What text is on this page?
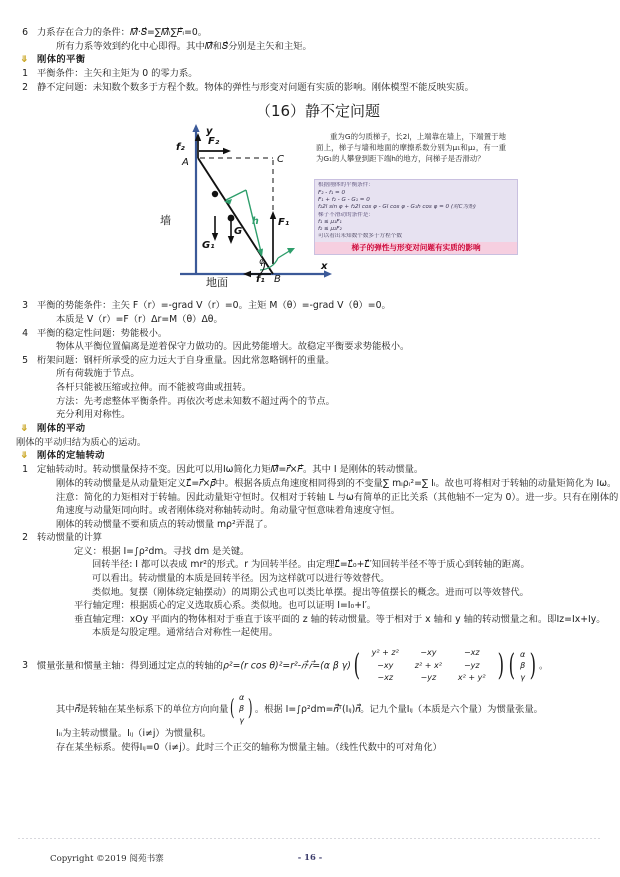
6 力系存在合力的条件：𝑀⃗·𝑆⃗=∑𝑀⃗ᵢ∑𝐹⃗ᵢ=0。
所有力系等效到约化中心即得。其中𝑀⃗和𝑆⃗分别是主矢和主矩。
⤋ 刚体的平衡
1 平衡条件：主矢和主矩为 0 的零力系。
2 静不定问题：未知数个数多于方程个数。物体的弹性与形变对问题有实质的影响。刚体模型不能反映实质。
（16）静不定问题
y
x
f₂
F₂
A	C
F₁
墙
G
G₁
h
φ
地面	f₁ B
重为G的匀质梯子，长2l，上端靠在墙上，下端置于地面上，梯子与墙和地面的摩擦系数分别为μ₁和μ₂，有一重为G₁的人攀登到距下端h的地方，问梯子是否滑动？
根据刚体的平衡条件：
F₂ - f₁ = 0
F₁ + f₂ - G - G₁ = 0
f₂2l sin φ + f₂2l cos φ - Gl cos φ - G₁h cos φ = 0 (对C为矩)
梯子不滑动的条件是：
f₁ ≤ μ₁F₁
f₂ ≤ μ₂F₂
可以看出未知数个数多于方程个数
梯子的弹性与形变对问题有实质的影响
3 平衡的势能条件：主矢 F（r）=-grad V（r）=0。主矩 M（θ）=-grad V（θ）=0。
本质是 V（r）=F（r）Δr=M（θ）Δθ。
4 平衡的稳定性问题：势能极小。
物体从平衡位置偏离是逆着保守力做功的。因此势能增大。故稳定平衡要求势能极小。
5 桁架问题：钢杆所承受的应力远大于自身重量。因此常忽略钢杆的重量。
所有荷载施于节点。
各杆只能被压缩或拉伸。而不能被弯曲或扭转。
方法：先考虑整体平衡条件。再依次考虑未知数不超过两个的节点。
充分利用对称性。
⤋ 刚体的平动
刚体的平动归结为质心的运动。
⤋ 刚体的定轴转动
1 定轴转动时。转动惯量保持不变。因此可以用Iω简化力矩𝑀⃗=𝑟⃗×𝐹⃗。其中 I 是刚体的转动惯量。
刚体的转动惯量是从动量矩定义𝐿⃗=𝑟⃗×𝑝⃗中。根据各质点角速度相同得到的不变量∑ mᵢρᵢ²=∑ Iᵢ。故也可将相对于转轴的动量矩简化为 Iω。
注意：简化的力矩相对于转轴。因此动量矩守恒时。仅相对于转轴 L 与ω有简单的正比关系（其他轴不一定为 0）。进一步。只有在刚体的角速度与动量矩同向时。或者刚体绕对称轴转动时。角动量守恒意味着角速度守恒。
刚体的转动惯量不要和质点的转动惯量 mρ²弄混了。
2 转动惯量的计算
定义：根据 I=∫ρ²dm。寻找 dm 是关键。
回转半径: I 都可以表成 mr²的形式。r 为回转半径。由定理𝐿⃗=𝐿⃗₀+𝐿⃗′知回转半径不等于质心到转轴的距离。
可以看出。转动惯量的本质是回转半径。因为这样就可以进行等效替代。
类似地。复摆（刚体绕定轴摆动）的周期公式也可以类比单摆。提出等值摆长的概念。进而可以等效替代。
平行轴定理：根据质心的定义选取质心系。类似地。也可以证明 I=I₀+I′。
垂直轴定理：xOy 平面内的物体相对于垂直于该平面的 z 轴的转动惯量。等于相对于 x 轴和 y 轴的转动惯量之和。即Iz=Ix+Iy。
本质是勾股定理。通常结合对称性一起使用。
3 惯量张量和惯量主轴：得到通过定点的转轴的ρ²=(r cos θ)²=r²-𝑛⃗·𝑟⃗=(α β γ) ( y² + z²	−xy	−xz
−xy	z² + x²	−yz
−xz	−yz	x² + y² ) ( α
β
γ ) 。
其中𝑛⃗是转轴在某坐标系下的单位方向向量 ( α
β
γ ) 。根据 I=∫ρ²dm=𝑛⃗ᵀ(Iᵢⱼ)𝑛⃗。记九个量Iᵢⱼ（本质是六个量）为惯量张量。
Iᵢᵢ为主转动惯量。Iᵢⱼ（i≠j）为惯量积。
存在某坐标系。使得Iᵢⱼ=0（i≠j）。此时三个正交的轴称为惯量主轴。（线性代数中的可对角化）
Copyright ©2019 阅苑书寨	- 16 -
